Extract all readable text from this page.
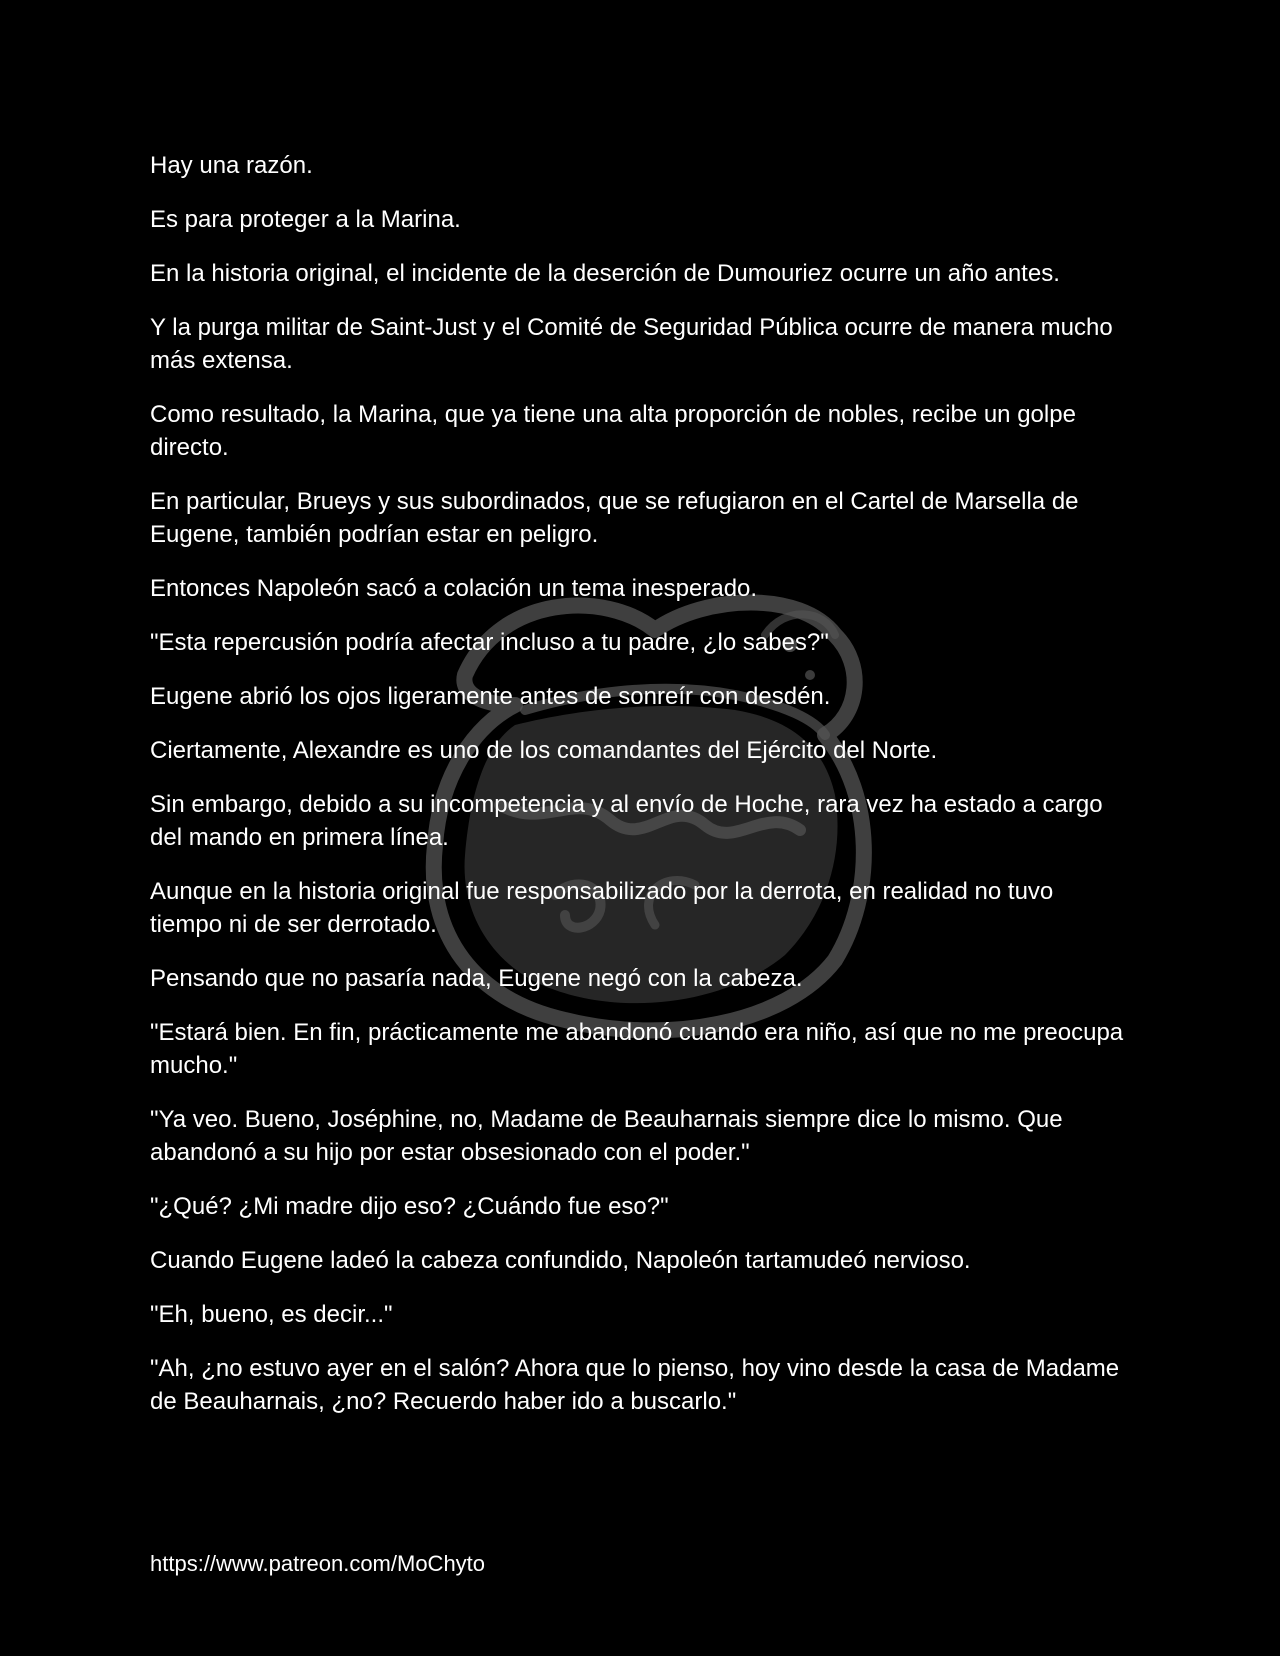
Hay una razón.

Es para proteger a la Marina.

En la historia original, el incidente de la deserción de Dumouriez ocurre un año antes.

Y la purga militar de Saint-Just y el Comité de Seguridad Pública ocurre de manera mucho más extensa.

Como resultado, la Marina, que ya tiene una alta proporción de nobles, recibe un golpe directo.

En particular, Brueys y sus subordinados, que se refugiaron en el Cartel de Marsella de Eugene, también podrían estar en peligro.

Entonces Napoleón sacó a colación un tema inesperado.

"Esta repercusión podría afectar incluso a tu padre, ¿lo sabes?"

Eugene abrió los ojos ligeramente antes de sonreír con desdén.

Ciertamente, Alexandre es uno de los comandantes del Ejército del Norte.

Sin embargo, debido a su incompetencia y al envío de Hoche, rara vez ha estado a cargo del mando en primera línea.

Aunque en la historia original fue responsabilizado por la derrota, en realidad no tuvo tiempo ni de ser derrotado.

Pensando que no pasaría nada, Eugene negó con la cabeza.

"Estará bien. En fin, prácticamente me abandonó cuando era niño, así que no me preocupa mucho."

"Ya veo. Bueno, Joséphine, no, Madame de Beauharnais siempre dice lo mismo. Que abandonó a su hijo por estar obsesionado con el poder."

"¿Qué? ¿Mi madre dijo eso? ¿Cuándo fue eso?"

Cuando Eugene ladeó la cabeza confundido, Napoleón tartamudeó nervioso.

"Eh, bueno, es decir..."

"Ah, ¿no estuvo ayer en el salón? Ahora que lo pienso, hoy vino desde la casa de Madame de Beauharnais, ¿no? Recuerdo haber ido a buscarlo."

https://www.patreon.com/MoChyto
